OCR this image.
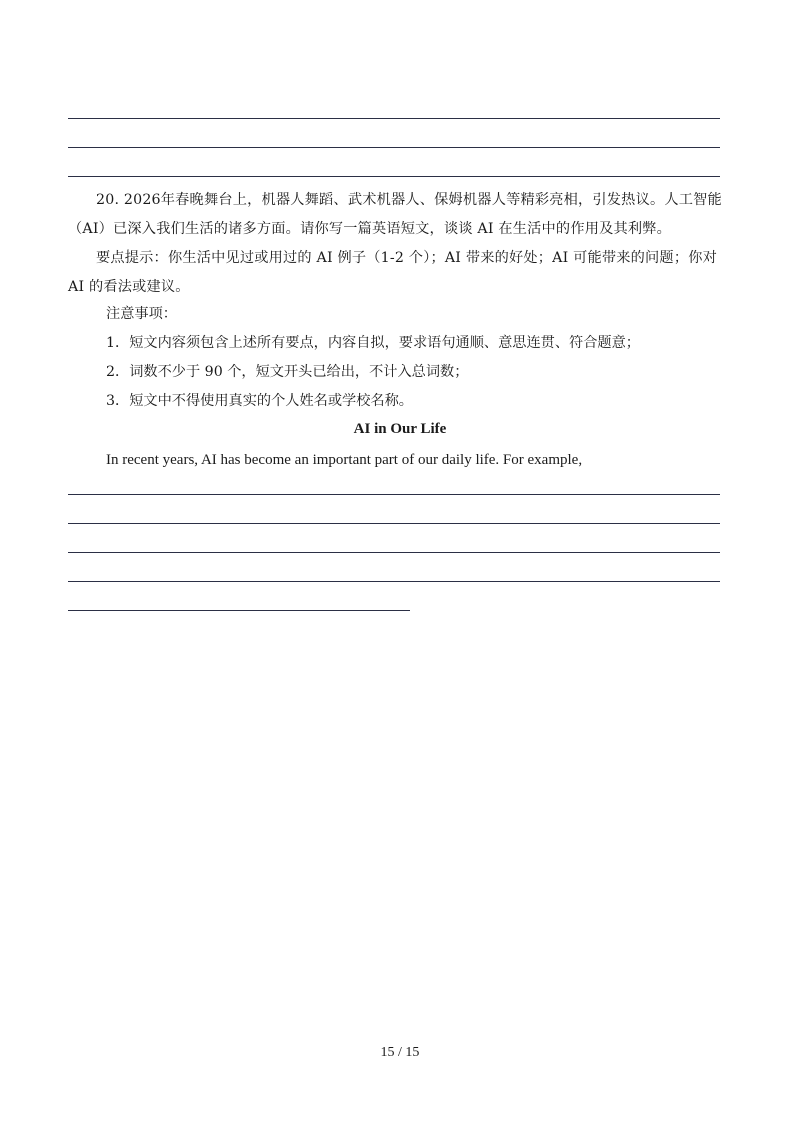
20. 2026年春晚舞台上，机器人舞蹈、武术机器人、保姆机器人等精彩亮相，引发热议。人工智能（AI）已深入我们生活的诸多方面。请你写一篇英语短文，谈谈 AI 在生活中的作用及其利弊。

要点提示：你生活中见过或用过的 AI 例子（1-2 个）；AI 带来的好处；AI 可能带来的问题；你对 AI 的看法或建议。

注意事项：

1．短文内容须包含上述所有要点，内容自拟，要求语句通顺、意思连贯、符合题意；

2．词数不少于 90 个，短文开头已给出，不计入总词数；

3．短文中不得使用真实的个人姓名或学校名称。

AI in Our Life

In recent years, AI has become an important part of our daily life. For example,

15 / 15
